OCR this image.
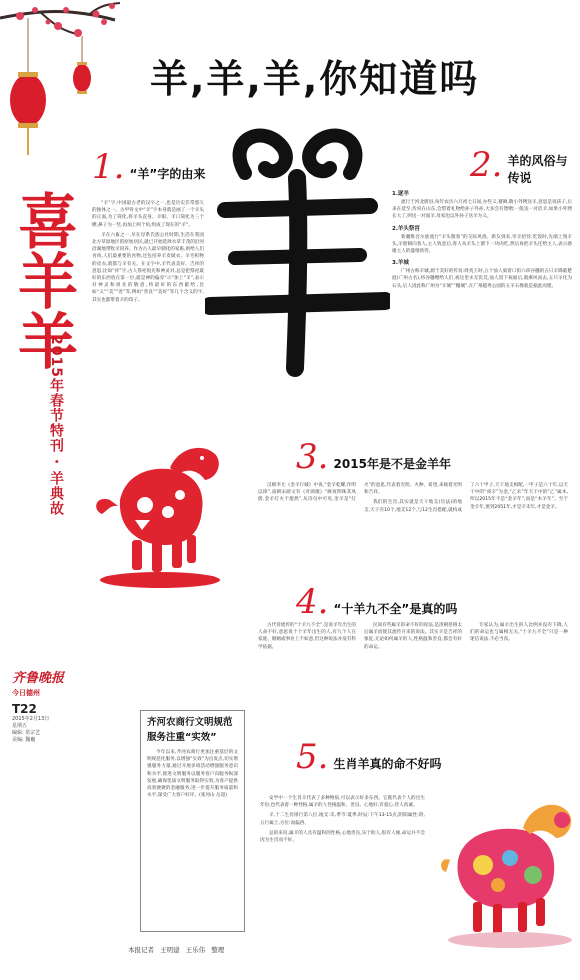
羊,羊,羊,你知道吗
喜羊羊
2015年春节特刊 · 羊典故
1. “羊”字的由来

“羊”字,中国最古老的汉字之一,也是历史非常悠久的独体之一。古甲骨文中“羊”字本身就是画了一个羊头的正面,为了简化,将羊头直身、羊眼、羊口简化为三个横,鼻子为一竖,再加上两个角,组成了现在的“羊”。

羊在六畜之一,早在母系氏族公社时期,生活在我国北方草原地区的原始居民,就已开始选择水草丰茂的沿河沿湖地带牧羊饲养。作为古人最早驯化的家畜,供给人们食肉,人们最重要的食物,还包括养羊皮做衣、羊毛织物的皮衣,就都与羊有关。在文字中,羊代表美好、吉祥的意思,比如“祥”字,古人祭祀很先和神灵对,总是把祭祀最好的东西放在第一位,就是神的偏旁“示”加上“羊”,表示对神灵和祖先的敬意,将最好的东西献给,比如“义”“美”“善”等,例如“善良”“美好”等几个含义的字,其实也都带着羊的印子。

2. 羊的风俗与传说
1.逐羊

流行于河北蔚县,每年农历六月初七日间,办些义,赛舞,敬小外甥送羊,意思是说孩子,后来在延至,传说在山东,会带着礼物给孙子外孙,大多会有馈赠;一般送一对活羊,如果小外甥长大了,则送一对面羊,母家也以外孙子送羊为义。

2.羊头祭宫

新疆维吾尔族流行“羊头敬客”的交际风俗。新友到来,宰羊招待,吃饭时,先端上熟羊头,羊脸朝向客人,主人致意后,客人从羊头上割下一块肉吃,然后再把羊头还给主人,表示感谢主人的盛情款待。

3.羊城

广州古称羊城,源于美好的传说:周夷王时,五个仙人骑着口衔六串谷穗的五只羊降临楚庭(广州古名),将谷穗赠给人们,祝这里永无饥荒,仙人留下祝福后,就乘风而去,五只羊化为石头,后人因此称广州为“羊城”“穗城”,在广州越秀公园的五羊石像就是据此而建。

3. 2015年是不是金羊年

汉朝李尤《金羊行城》中说,“金羊乾耀,作明以锋”,南朝宋颜文有《对酒歌》“厥夜明珠其凤蔚,金羊灯火不熄然”,从诗句中可见,金羊是“灯火”的意思,代表着光明、火种、希望,来载着光明和吉祥。

我们的生肖,其实就是天干地支(历法)的地支,天干有10个,地支12个,与12生肖搭配,就构成了六十甲子,天干地支相配,一甲子是六十年,以天干中的“庚辛”为金,“乙未”年天干中的“乙”属木,所以2015年不是“金羊年”,而是“木羊年”。至于金羊年,要到2051年,才是辛未年,才是金羊。

齐鲁晚报
今日德州
T22
2015年2月13日
星期五
编辑: 常宗艺
美编: 魏巍
4. “十羊九不全”是真的吗

古代曾流传的“十羊九不全”,是说羊年出生的人命不好,意思说十个羊年出生的人,有九个人在家庭、婚姻或事业上不如意,但这种说法并没有科学依据。

民间有些属羊的命不好的说法,是清朝慈禧太后属羊而使其流传开来的说法。其实羊是吉祥的象征,无论如何属羊的人,性格温和善良,都会有好的命运。

专家认为,属羊出生的人比例并没有下降,人们的命运也与属相无关,“十羊九不全”只是一种迷信说法,不必当真。

齐河农商行文明规范服务注重“实效”
今年以来,齐河农商行更加注重基层的文明规范化服务,以增强“实效”为出发点,切实增强服务力量,通过开展多项活动增强服务意识和水平,推进文明服务以服务客户向服务纵深发展,确保优质文明服务取得实效,为客户提供高效便捷的金融服务,进一步提升服务质量和水平,深受广大客户好评。(张河山 岳超)
5. 生肖羊真的命不好吗

安学中一个生肖羊代表了多种物质,可以表示好多东西。它既代表个人的出生年份,也代表着一种性格,属羊的人性格温和、善良、心地好,有爱心,待人真诚。

羊,十二生肖排行第八位,地支:未,季节:夏季,时辰:下午13-15点,阴阳属性:阴,五行属土,方位:南偏西。

总的来说,属羊的人具有温和的性格,心地善良,乐于助人,很有人缘,命运并不会因为生肖而不好。

本报记者 王明建 王乐伟 整理
